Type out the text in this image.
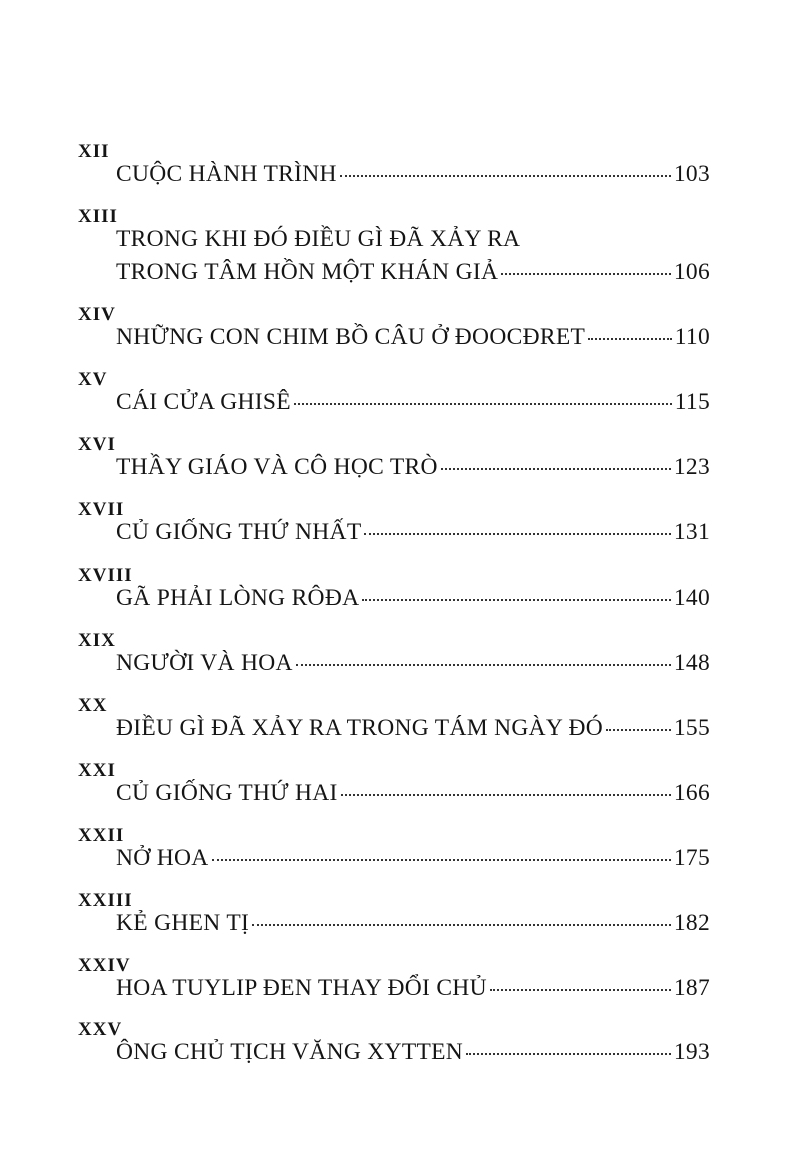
XII
CUỘC HÀNH TRÌNH	103
XIII
TRONG KHI ĐÓ ĐIỀU GÌ ĐÃ XẢY RA
TRONG TÂM HỒN MỘT KHÁN GIẢ	106
XIV
NHỮNG CON CHIM BỒ CÂU Ở ĐOOCĐRET	110
XV
CÁI CỬA GHISÊ	115
XVI
THẦY GIÁO VÀ CÔ HỌC TRÒ	123
XVII
CỦ GIỐNG THỨ NHẤT	131
XVIII
GÃ PHẢI LÒNG RÔĐA	140
XIX
NGƯỜI VÀ HOA	148
XX
ĐIỀU GÌ ĐÃ XẢY RA TRONG TÁM NGÀY ĐÓ	155
XXI
CỦ GIỐNG THỨ HAI	166
XXII
NỞ HOA	175
XXIII
KẺ GHEN TỊ	182
XXIV
HOA TUYLIP ĐEN THAY ĐỔI CHỦ	187
XXV
ÔNG CHỦ TỊCH VĂNG XYTTEN	193
